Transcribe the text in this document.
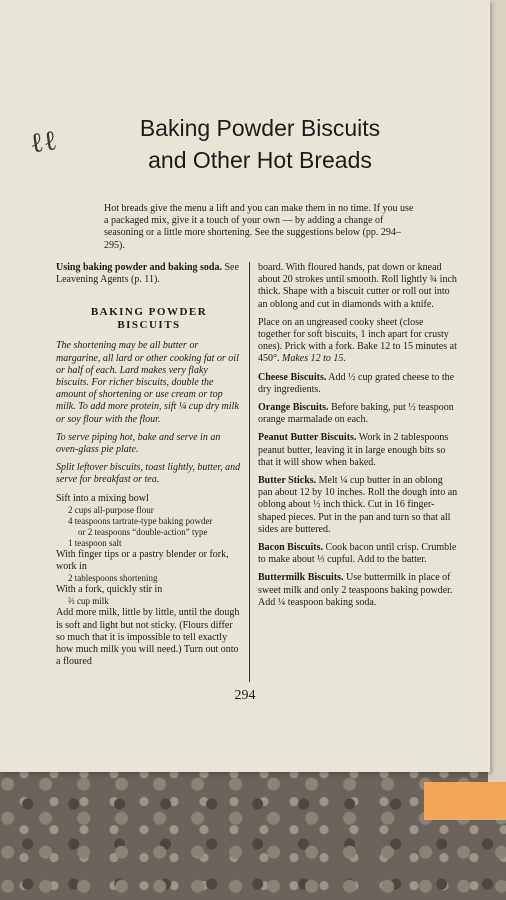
ℓℓ	Baking Powder Biscuits
and Other Hot Breads

Hot breads give the menu a lift and you can make them in no time. If you use a packaged mix, give it a touch of your own — by adding a change of seasoning or a little more shortening. See the suggestions below (pp. 294–295).

Using baking powder and baking soda. See Leavening Agents (p. 11).

BAKING POWDER
BISCUITS

The shortening may be all butter or margarine, all lard or other cooking fat or oil or half of each. Lard makes very flaky biscuits. For richer biscuits, double the amount of shortening or use cream or top milk. To add more protein, sift ¼ cup dry milk or soy flour with the flour.

To serve piping hot, bake and serve in an oven-glass pie plate.

Split leftover biscuits, toast lightly, butter, and serve for breakfast or tea.

Sift into a mixing bowl

2 cups all-purpose flour

4 teaspoons tartrate-type baking powder

or 2 teaspoons “double-action” type

1 teaspoon salt

With finger tips or a pastry blender or fork, work in

2 tablespoons shortening

With a fork, quickly stir in

⅔ cup milk

Add more milk, little by little, until the dough is soft and light but not sticky. (Flours differ so much that it is impossible to tell exactly how much milk you will need.) Turn out onto a floured

board. With floured hands, pat down or knead about 20 strokes until smooth. Roll lightly ¾ inch thick. Shape with a biscuit cutter or roll out into an oblong and cut in diamonds with a knife.

Place on an ungreased cooky sheet (close together for soft biscuits, 1 inch apart for crusty ones). Prick with a fork. Bake 12 to 15 minutes at 450°. Makes 12 to 15.

Cheese Biscuits. Add ½ cup grated cheese to the dry ingredients.

Orange Biscuits. Before baking, put ½ teaspoon orange marmalade on each.

Peanut Butter Biscuits. Work in 2 tablespoons peanut butter, leaving it in large enough bits so that it will show when baked.

Butter Sticks. Melt ¼ cup butter in an oblong pan about 12 by 10 inches. Roll the dough into an oblong about ½ inch thick. Cut in 16 finger-shaped pieces. Put in the pan and turn so that all sides are buttered.

Bacon Biscuits. Cook bacon until crisp. Crumble to make about ⅓ cupful. Add to the batter.

Buttermilk Biscuits. Use buttermilk in place of sweet milk and only 2 teaspoons baking powder. Add ¼ teaspoon baking soda.

294
